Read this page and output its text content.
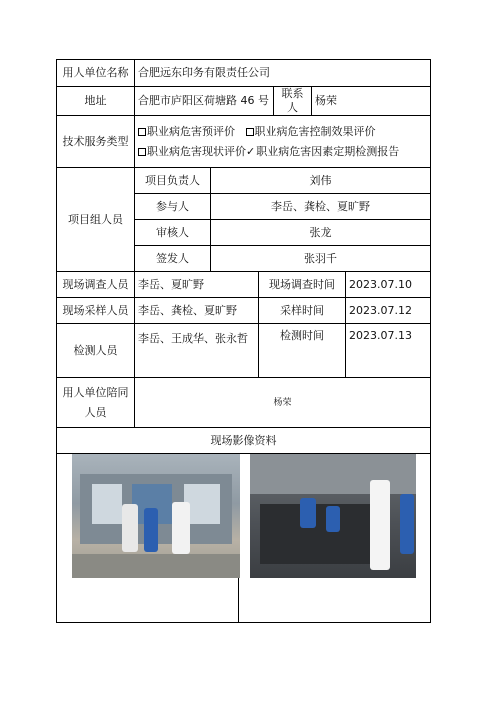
用人单位名称	合肥远东印务有限责任公司					
地址	合肥市庐阳区荷塘路 46 号			联系人	杨荣	
技术服务类型	职业病危害预评价 职业病危害控制效果评价
职业病危害现状评价✓职业病危害因素定期检测报告					

项目组人员	项目负责人	刘伟				
	参与人	李岳、龚检、夏旷野				
	审核人	张龙				
	签发人	张羽千				
现场调查人员	李岳、夏旷野		现场调查时间			2023.07.10
现场采样人员	李岳、龚检、夏旷野		采样时间			2023.07.12
检测人员	李岳、王成华、张永哲		检测时间			2023.07.13
用人单位陪同人员	杨荣					
现场影像资料						
